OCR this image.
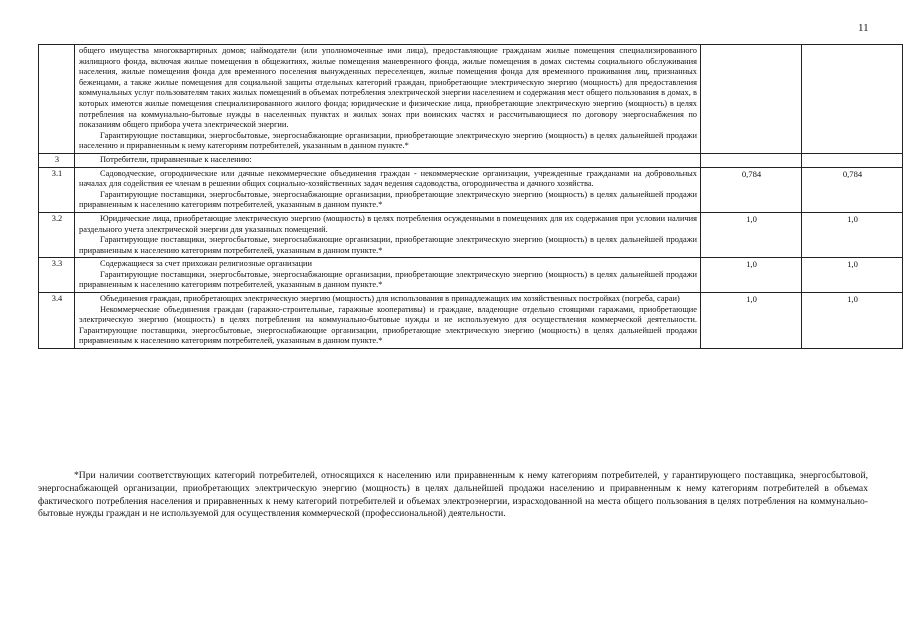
11

	общего имущества многоквартирных домов; наймодатели (или уполномоченные ими лица), предоставляющие гражданам жилые помещения специализированного жилищного фонда, включая жилые помещения в общежитиях, жилые помещения маневренного фонда, жилые помещения в домах системы социального обслуживания населения, жилые помещения фонда для временного поселения вынужденных переселенцев, жилые помещения фонда для временного проживания лиц, признанных беженцами, а также жилые помещения для социальной защиты отдельных категорий граждан, приобретающие электрическую энергию (мощность) для предоставления коммунальных услуг пользователям таких жилых помещений в объемах потребления электрической энергии населением и содержания мест общего пользования в домах, в которых имеются жилые помещения специализированного жилого фонда; юридические и физические лица, приобретающие электрическую энергию (мощность) в целях потребления на коммунально-бытовые нужды в населенных пунктах и жилых зонах при воинских частях и рассчитывающиеся по договору энергоснабжения по показаниям общего прибора учета электрической энергии.
Гарантирующие поставщики, энергосбытовые, энергоснабжающие организации, приобретающие электрическую энергию (мощность) в целях дальнейшей продажи населению и приравненным к нему категориям потребителей, указанным в данном пункте.*		

3	Потребители, приравненные к населению:		

3.1	Садоводческие, огороднические или дачные некоммерческие объединения граждан - некоммерческие организации, учрежденные гражданами на добровольных началах для содействия ее членам в решении общих социально-хозяйственных задач ведения садоводства, огородничества и дачного хозяйства.
Гарантирующие поставщики, энергосбытовые, энергоснабжающие организации, приобретающие электрическую энергию (мощность) в целях дальнейшей продажи приравненным к населению категориям потребителей, указанным в данном пункте.*	0,784	0,784
3.2	Юридические лица, приобретающие электрическую энергию (мощность) в целях потребления осужденными в помещениях для их содержания при условии наличия раздельного учета электрической энергии для указанных помещений.
Гарантирующие поставщики, энергосбытовые, энергоснабжающие организации, приобретающие электрическую энергию (мощность) в целях дальнейшей продажи приравненным к населению категориям потребителей, указанным в данном пункте.*	1,0	1,0
3.3	Содержащиеся за счет прихожан религиозные организации
Гарантирующие поставщики, энергосбытовые, энергоснабжающие организации, приобретающие электрическую энергию (мощность) в целях дальнейшей продажи приравненным к населению категориям потребителей, указанным в данном пункте.*	1,0	1,0
3.4	Объединения граждан, приобретающих электрическую энергию (мощность) для использования в принадлежащих им хозяйственных постройках (погреба, сараи)
Некоммерческие объединения граждан (гаражно-строительные, гаражные кооперативы) и граждане, владеющие отдельно стоящими гаражами, приобретающие электрическую энергию (мощность) в целях потребления на коммунально-бытовые нужды и не используемую для осуществления коммерческой деятельности. Гарантирующие поставщики, энергосбытовые, энергоснабжающие организации, приобретающие электрическую энергию (мощность) в целях дальнейшей продажи приравненным к населению категориям потребителей, указанным в данном пункте.*	1,0	1,0
*При наличии соответствующих категорий потребителей, относящихся к населению или приравненным к нему категориям потребителей, у гарантирующего поставщика, энергосбытовой, энергоснабжающей организации, приобретающих электрическую энергию (мощность) в целях дальнейшей продажи населению и приравненным к нему категориям потребителей в объемах фактического потребления населения и приравненных к нему категорий потребителей и объемах электроэнергии, израсходованной на места общего пользования в целях потребления на коммунально-бытовые нужды граждан и не используемой для осуществления коммерческой (профессиональной) деятельности.
